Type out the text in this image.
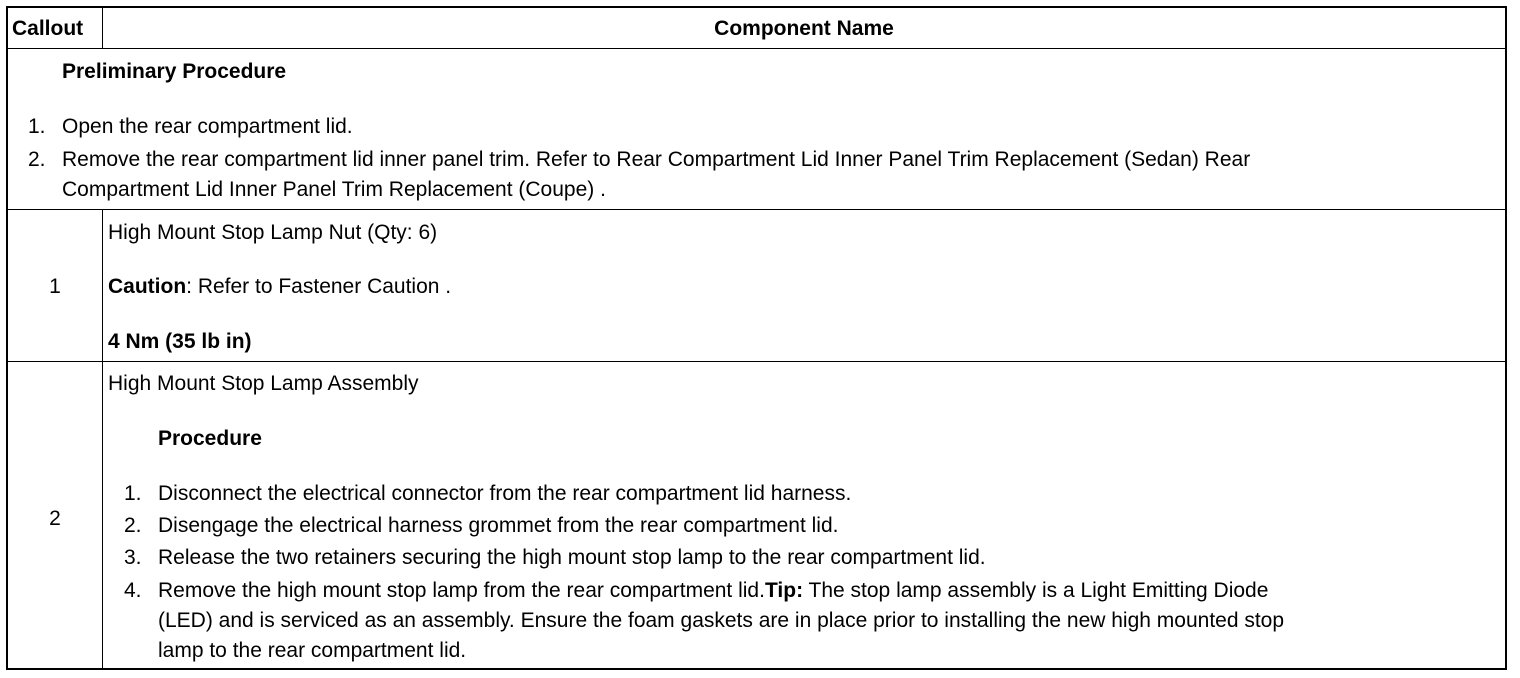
Callout	Component Name
Preliminary Procedure
1. Open the rear compartment lid.
2. Remove the rear compartment lid inner panel trim. Refer to Rear Compartment Lid Inner Panel Trim Replacement (Sedan) Rear
Compartment Lid Inner Panel Trim Replacement (Coupe) .
1
High Mount Stop Lamp Nut (Qty: 6)
Caution: Refer to Fastener Caution .
4 Nm (35 lb in)
2
High Mount Stop Lamp Assembly
Procedure
1. Disconnect the electrical connector from the rear compartment lid harness.
2. Disengage the electrical harness grommet from the rear compartment lid.
3. Release the two retainers securing the high mount stop lamp to the rear compartment lid.
4. Remove the high mount stop lamp from the rear compartment lid.Tip: The stop lamp assembly is a Light Emitting Diode
(LED) and is serviced as an assembly. Ensure the foam gaskets are in place prior to installing the new high mounted stop
lamp to the rear compartment lid.
